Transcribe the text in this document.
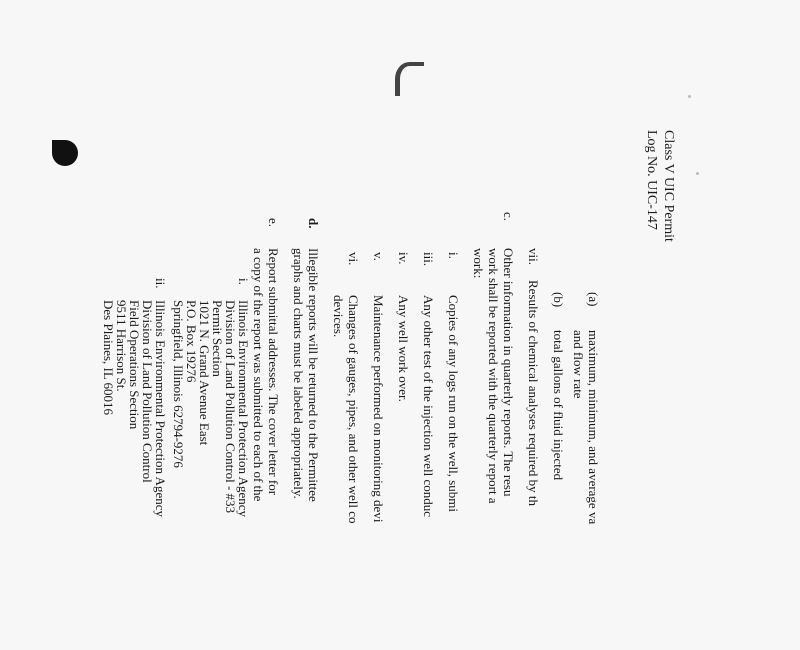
Class V UIC Permit
Log No. UIC-147
(a)
maximum, minimum, and average va
and flow rate
(b)
total gallons of fluid injected
vii.
Results of chemical analyses required by th
c.
Other information in quarterly reports. The resu
work shall be reported with the quarterly report a
work:
i.
Copies of any logs run on the well, submi
iii.
Any other test of the injection well conduc
iv.
Any well work over.
v.
Maintenance performed on monitoring devi
vi.
Changes of gauges, pipes, and other well co
devices.
d.
Illegible reports will be returned to the Permittee
graphs and charts must be labeled appropriately.
e.
Report submittal addresses. The cover letter for
a copy of the report was submitted to each of the
i.
Illinois Environmental Protection Agency
Division of Land Pollution Control - #33
Permit Section
1021 N. Grand Avenue East
P.O. Box 19276
Springfield, Illinois 62794-9276
ii.
Illinois Environmental Protection Agency
Division of Land Pollution Control
Field Operations Section
9511 Harrison St.
Des Plaines, IL 60016
